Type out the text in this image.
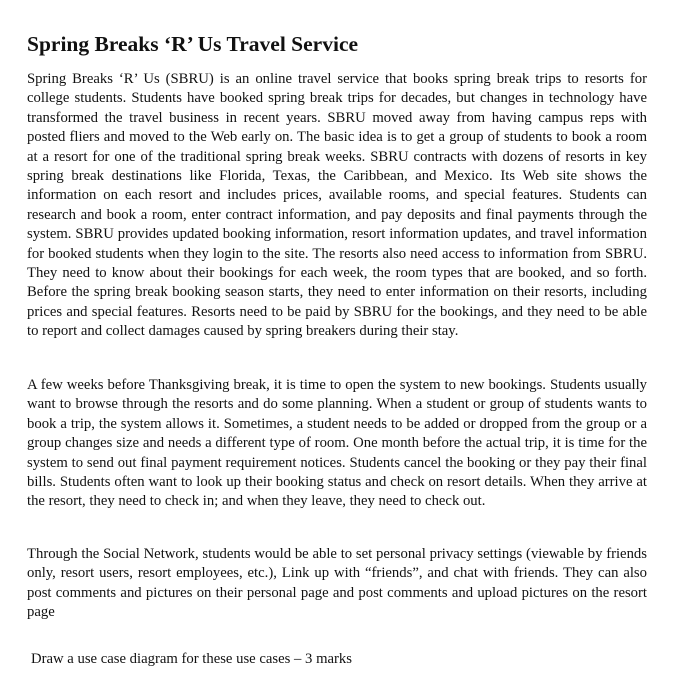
Spring Breaks ‘R’ Us Travel Service

Spring Breaks ‘R’ Us (SBRU) is an online travel service that books spring break trips to resorts for college students. Students have booked spring break trips for decades, but changes in technology have transformed the travel business in recent years. SBRU moved away from having campus reps with posted fliers and moved to the Web early on. The basic idea is to get a group of students to book a room at a resort for one of the traditional spring break weeks. SBRU contracts with dozens of resorts in key spring break destinations like Florida, Texas, the Caribbean, and Mexico. Its Web site shows the information on each resort and includes prices, available rooms, and special features. Students can research and book a room, enter contract information, and pay deposits and final payments through the system. SBRU provides updated booking information, resort information updates, and travel information for booked students when they login to the site. The resorts also need access to information from SBRU. They need to know about their bookings for each week, the room types that are booked, and so forth. Before the spring break booking season starts, they need to enter information on their resorts, including prices and special features. Resorts need to be paid by SBRU for the bookings, and they need to be able to report and collect damages caused by spring breakers during their stay.

A few weeks before Thanksgiving break, it is time to open the system to new bookings. Students usually want to browse through the resorts and do some planning. When a student or group of students wants to book a trip, the system allows it. Sometimes, a student needs to be added or dropped from the group or a group changes size and needs a different type of room. One month before the actual trip, it is time for the system to send out final payment requirement notices. Students cancel the booking or they pay their final bills. Students often want to look up their booking status and check on resort details. When they arrive at the resort, they need to check in; and when they leave, they need to check out.

Through the Social Network, students would be able to set personal privacy settings (viewable by friends only, resort users, resort employees, etc.), Link up with “friends”, and chat with friends. They can also post comments and pictures on their personal page and post comments and upload pictures on the resort page

Draw a use case diagram for these use cases – 3 marks
